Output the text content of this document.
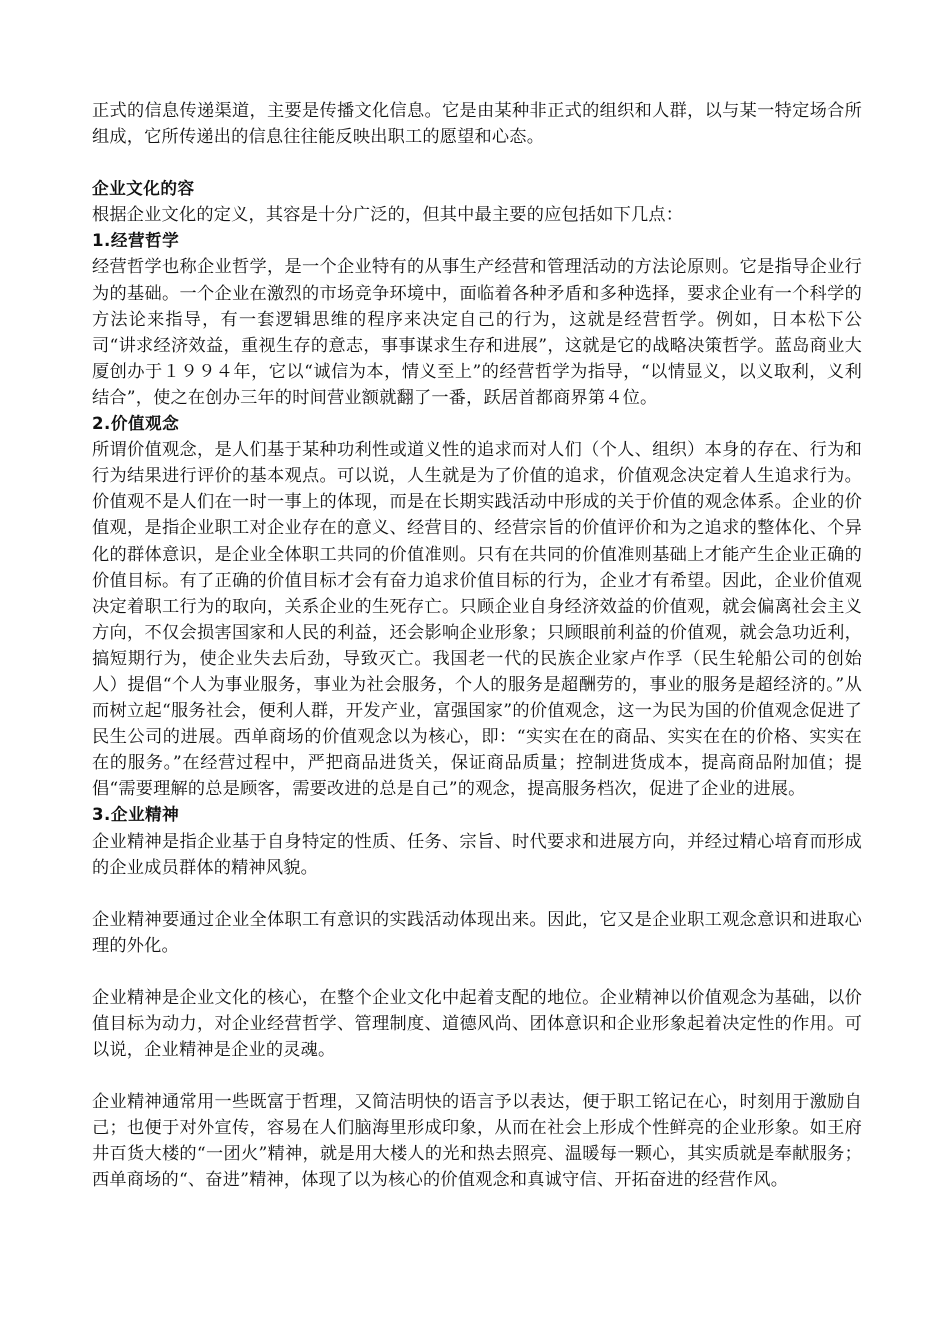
正式的信息传递渠道，主要是传播文化信息。它是由某种非正式的组织和人群，以与某一特定场合所组成，它所传递出的信息往往能反映出职工的愿望和心态。

企业文化的容

根据企业文化的定义，其容是十分广泛的，但其中最主要的应包括如下几点：

1.经营哲学

经营哲学也称企业哲学，是一个企业特有的从事生产经营和管理活动的方法论原则。它是指导企业行为的基础。一个企业在激烈的市场竞争环境中，面临着各种矛盾和多种选择，要求企业有一个科学的方法论来指导，有一套逻辑思维的程序来决定自己的行为，这就是经营哲学。例如，日本松下公司“讲求经济效益，重视生存的意志，事事谋求生存和进展”，这就是它的战略决策哲学。蓝岛商业大厦创办于１９９４年，它以“诚信为本，情义至上”的经营哲学为指导，“以情显义，以义取利，义利结合”，使之在创办三年的时间营业额就翻了一番，跃居首都商界第４位。

2.价值观念

所谓价值观念，是人们基于某种功利性或道义性的追求而对人们（个人、组织）本身的存在、行为和行为结果进行评价的基本观点。可以说，人生就是为了价值的追求，价值观念决定着人生追求行为。价值观不是人们在一时一事上的体现，而是在长期实践活动中形成的关于价值的观念体系。企业的价值观，是指企业职工对企业存在的意义、经营目的、经营宗旨的价值评价和为之追求的整体化、个异化的群体意识，是企业全体职工共同的价值准则。只有在共同的价值准则基础上才能产生企业正确的价值目标。有了正确的价值目标才会有奋力追求价值目标的行为，企业才有希望。因此，企业价值观决定着职工行为的取向，关系企业的生死存亡。只顾企业自身经济效益的价值观，就会偏离社会主义方向，不仅会损害国家和人民的利益，还会影响企业形象；只顾眼前利益的价值观，就会急功近利，搞短期行为，使企业失去后劲，导致灭亡。我国老一代的民族企业家卢作孚（民生轮船公司的创始人）提倡“个人为事业服务，事业为社会服务，个人的服务是超酬劳的，事业的服务是超经济的。”从而树立起“服务社会，便利人群，开发产业，富强国家”的价值观念，这一为民为国的价值观念促进了民生公司的进展。西单商场的价值观念以为核心，即：“实实在在的商品、实实在在的价格、实实在在的服务。”在经营过程中，严把商品进货关，保证商品质量；控制进货成本，提高商品附加值；提倡“需要理解的总是顾客，需要改进的总是自己”的观念，提高服务档次，促进了企业的进展。

3.企业精神

企业精神是指企业基于自身特定的性质、任务、宗旨、时代要求和进展方向，并经过精心培育而形成的企业成员群体的精神风貌。

企业精神要通过企业全体职工有意识的实践活动体现出来。因此，它又是企业职工观念意识和进取心理的外化。

企业精神是企业文化的核心，在整个企业文化中起着支配的地位。企业精神以价值观念为基础，以价值目标为动力，对企业经营哲学、管理制度、道德风尚、团体意识和企业形象起着决定性的作用。可以说，企业精神是企业的灵魂。

企业精神通常用一些既富于哲理，又简洁明快的语言予以表达，便于职工铭记在心，时刻用于激励自己；也便于对外宣传，容易在人们脑海里形成印象，从而在社会上形成个性鲜亮的企业形象。如王府井百货大楼的“一团火”精神，就是用大楼人的光和热去照亮、温暖每一颗心，其实质就是奉献服务；西单商场的“、奋进”精神，体现了以为核心的价值观念和真诚守信、开拓奋进的经营作风。
